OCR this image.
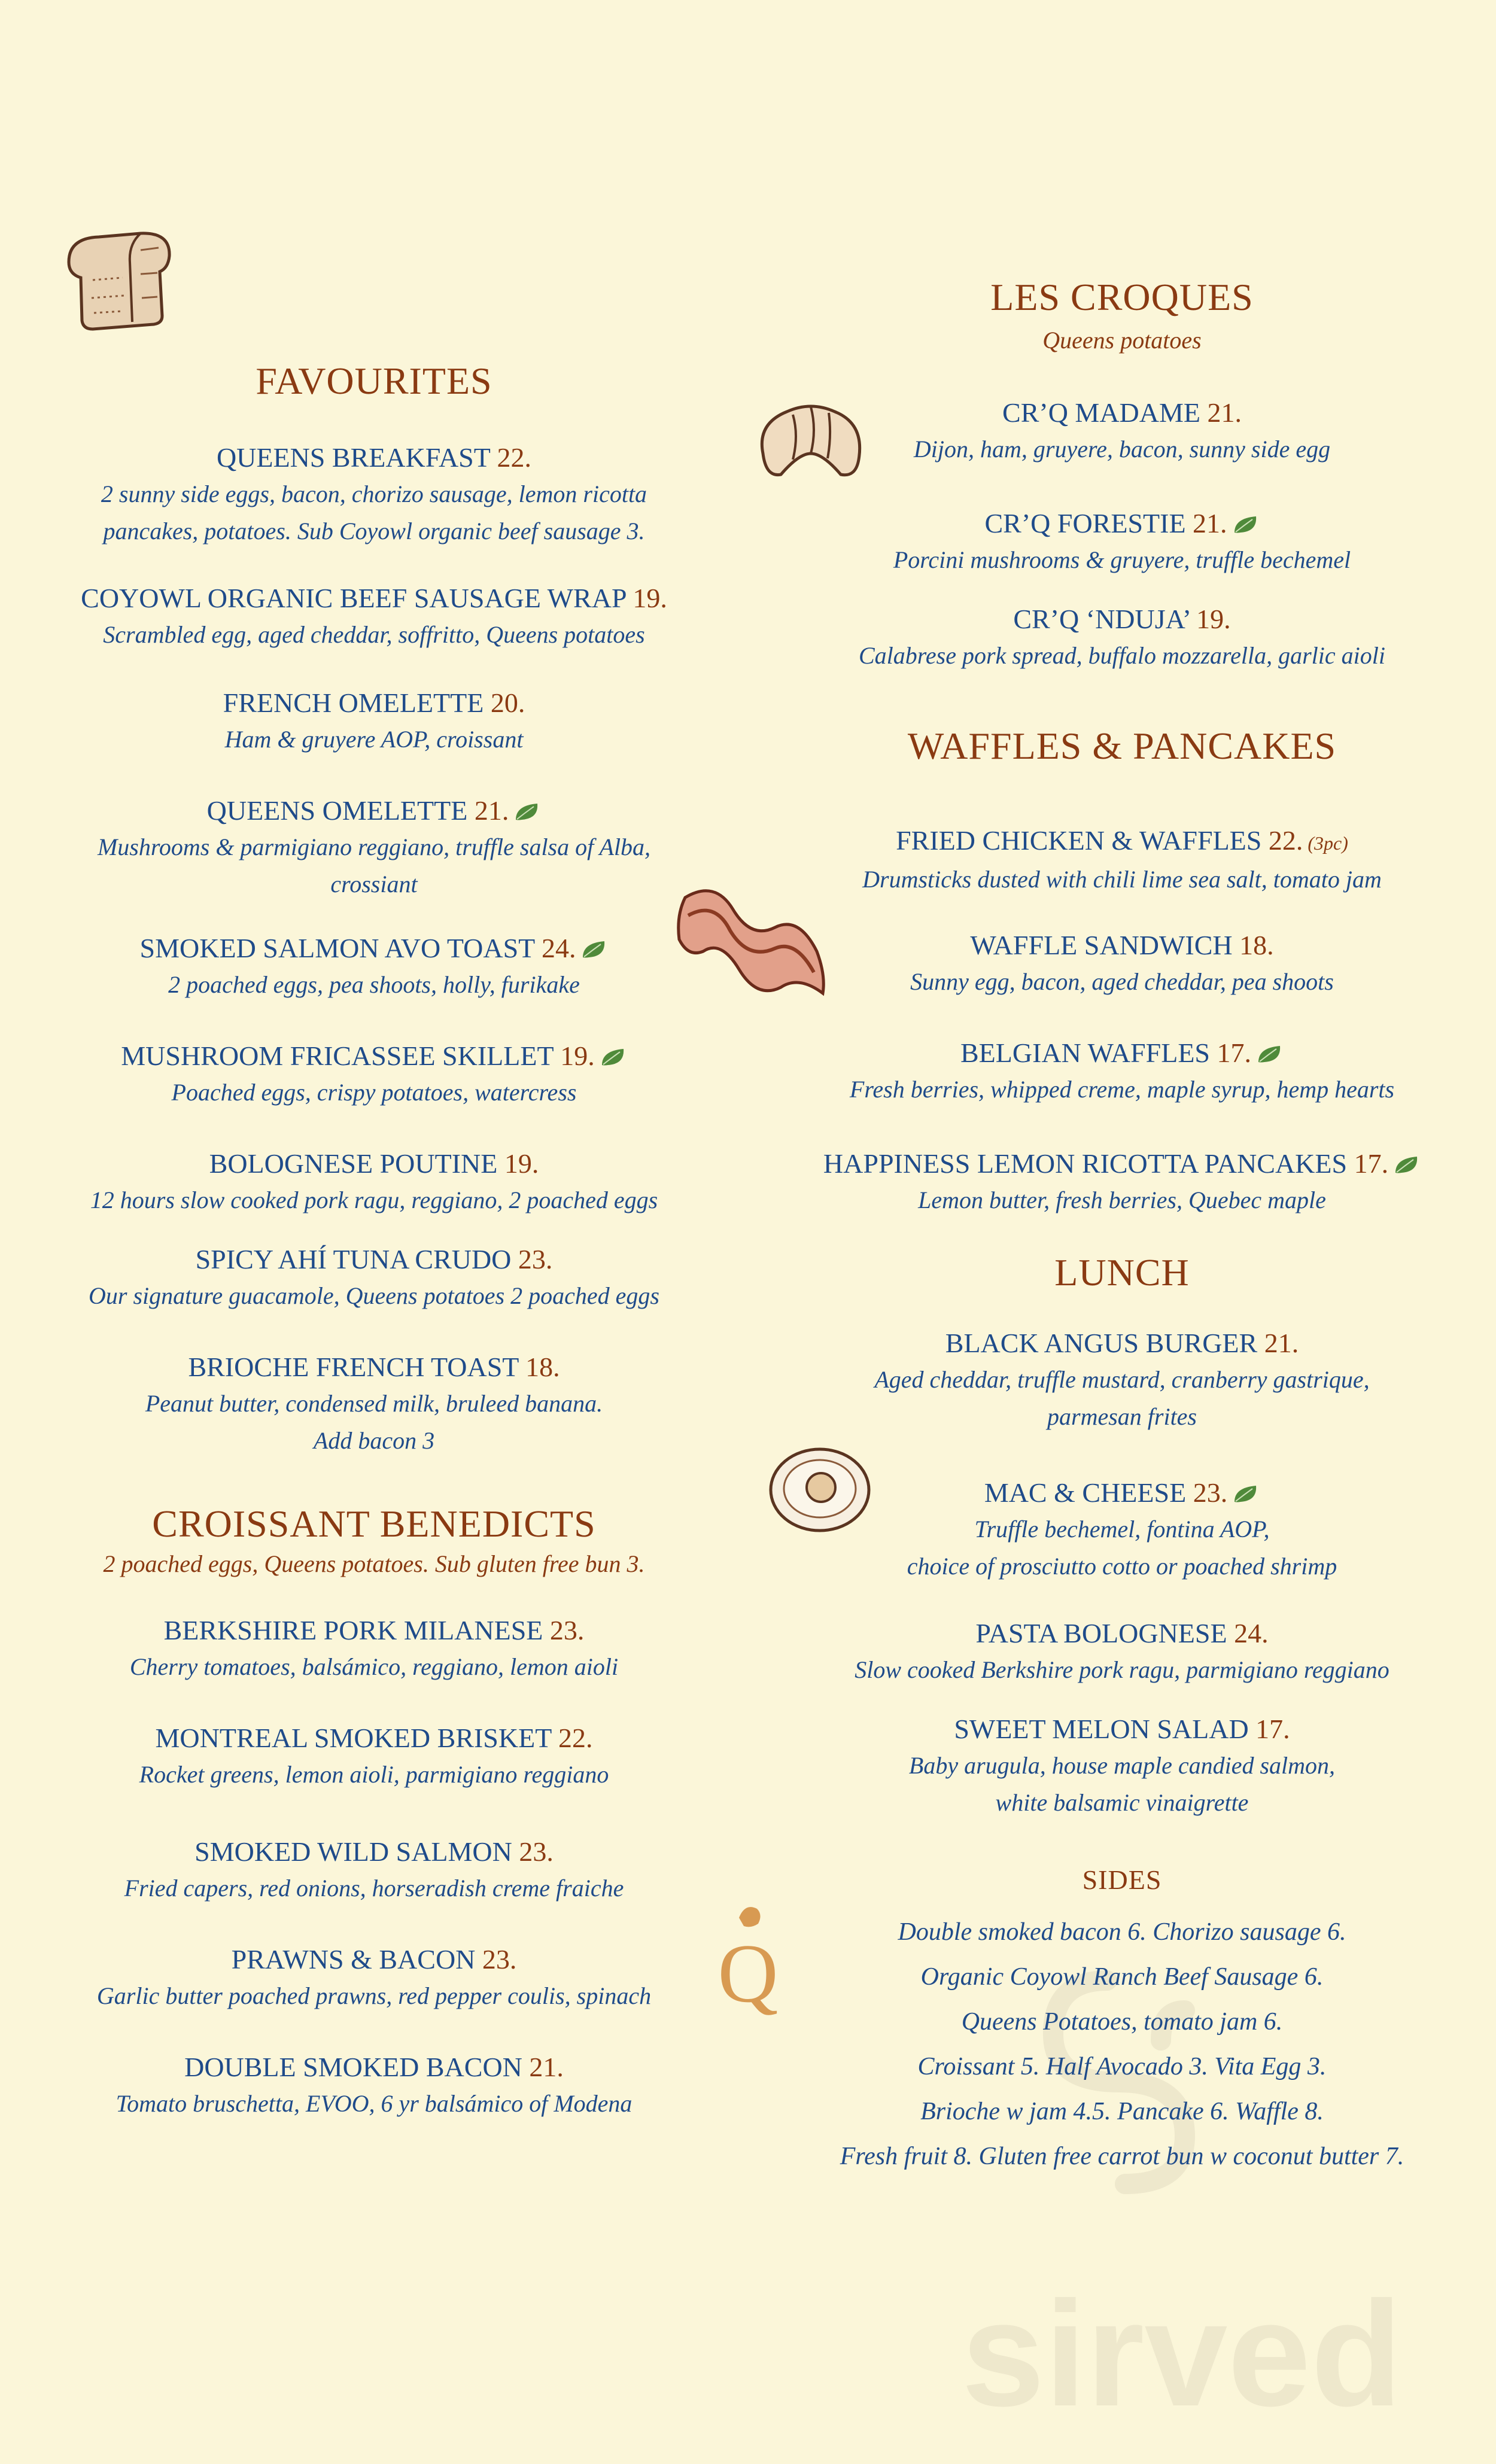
Q
sirved
FAVOURITES
QUEENS BREAKFAST 22.
2 sunny side eggs, bacon, chorizo sausage, lemon ricotta
pancakes, potatoes. Sub Coyowl organic beef sausage 3.
COYOWL ORGANIC BEEF SAUSAGE WRAP 19.
Scrambled egg, aged cheddar, soffritto, Queens potatoes
FRENCH OMELETTE 20.
Ham & gruyere AOP, croissant
QUEENS OMELETTE 21.
Mushrooms & parmigiano reggiano, truffle salsa of Alba,
crossiant
SMOKED SALMON AVO TOAST 24.
2 poached eggs, pea shoots, holly, furikake
MUSHROOM FRICASSEE SKILLET 19.
Poached eggs, crispy potatoes, watercress
BOLOGNESE POUTINE 19.
12 hours slow cooked pork ragu, reggiano, 2 poached eggs
SPICY AHÍ TUNA CRUDO 23.
Our signature guacamole, Queens potatoes 2 poached eggs
BRIOCHE FRENCH TOAST 18.
Peanut butter, condensed milk, bruleed banana.
Add bacon 3
CROISSANT BENEDICTS
2 poached eggs, Queens potatoes. Sub gluten free bun 3.
BERKSHIRE PORK MILANESE 23.
Cherry tomatoes, balsámico, reggiano, lemon aioli
MONTREAL SMOKED BRISKET 22.
Rocket greens, lemon aioli, parmigiano reggiano
SMOKED WILD SALMON 23.
Fried capers, red onions, horseradish creme fraiche
PRAWNS & BACON 23.
Garlic butter poached prawns, red pepper coulis, spinach
DOUBLE SMOKED BACON 21.
Tomato bruschetta, EVOO, 6 yr balsámico of Modena
LES CROQUES
Queens potatoes
CR’Q MADAME 21.
Dijon, ham, gruyere, bacon, sunny side egg
CR’Q FORESTIE 21.
Porcini mushrooms & gruyere, truffle bechemel
CR’Q ‘NDUJA’ 19.
Calabrese pork spread, buffalo mozzarella, garlic aioli
WAFFLES & PANCAKES
FRIED CHICKEN & WAFFLES 22. (3pc)
Drumsticks dusted with chili lime sea salt, tomato jam
WAFFLE SANDWICH 18.
Sunny egg, bacon, aged cheddar, pea shoots
BELGIAN WAFFLES 17.
Fresh berries, whipped creme, maple syrup, hemp hearts
HAPPINESS LEMON RICOTTA PANCAKES 17.
Lemon butter, fresh berries, Quebec maple
LUNCH
BLACK ANGUS BURGER 21.
Aged cheddar, truffle mustard, cranberry gastrique,
parmesan frites
MAC & CHEESE 23.
Truffle bechemel, fontina AOP,
choice of prosciutto cotto or poached shrimp
PASTA BOLOGNESE 24.
Slow cooked Berkshire pork ragu, parmigiano reggiano
SWEET MELON SALAD 17.
Baby arugula, house maple candied salmon,
white balsamic vinaigrette
SIDES
Double smoked bacon 6. Chorizo sausage 6.
Organic Coyowl Ranch Beef Sausage 6.
Queens Potatoes, tomato jam 6.
Croissant 5. Half Avocado 3. Vita Egg 3.
Brioche w jam 4.5. Pancake 6. Waffle 8.
Fresh fruit 8. Gluten free carrot bun w coconut butter 7.
